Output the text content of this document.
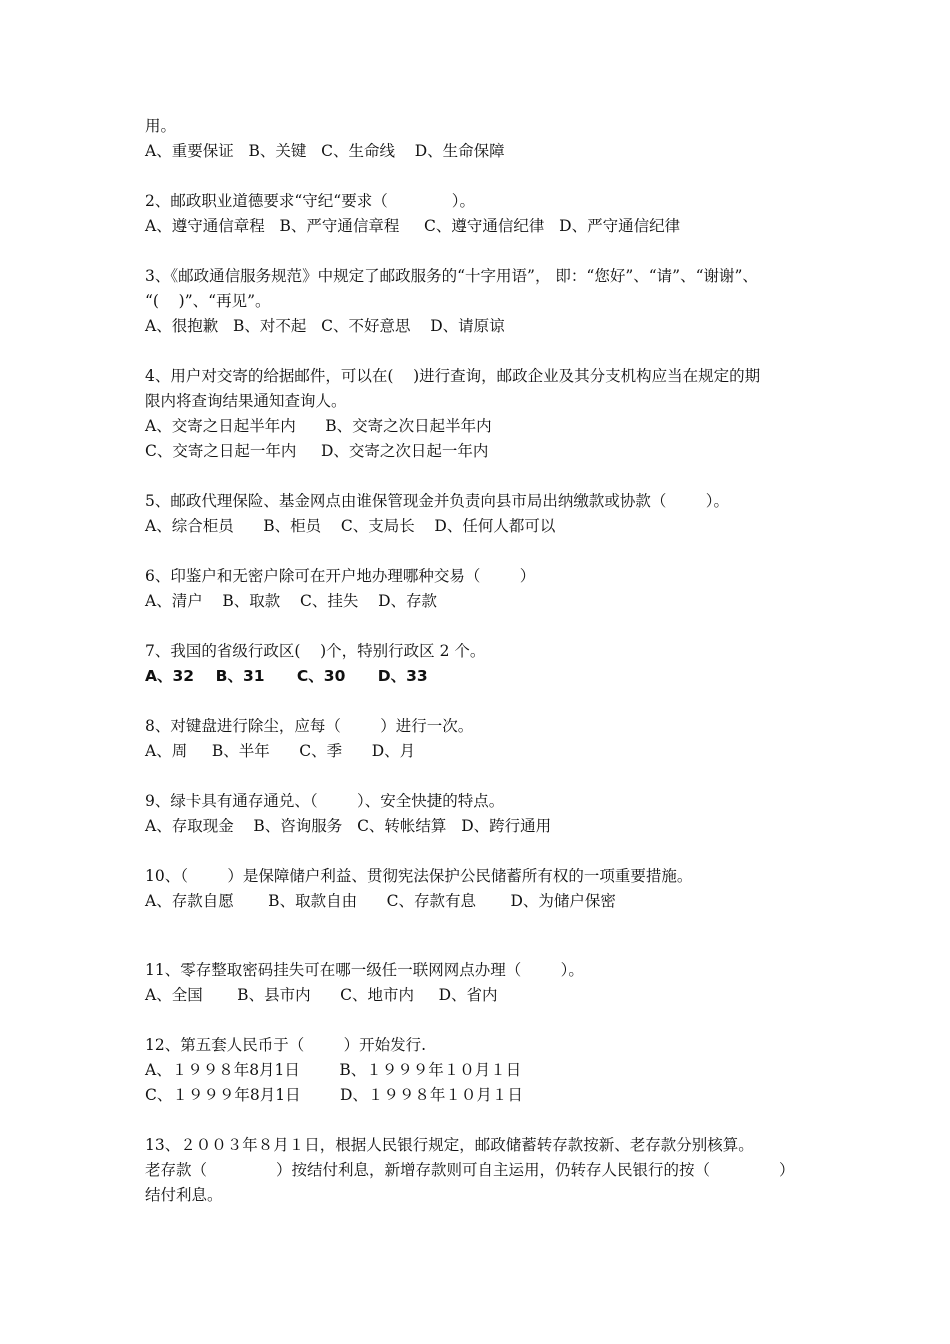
用。
A、重要保证   B、关键   C、生命线    D、生命保障
2、邮政职业道德要求“守纪“要求（             ）。
A、遵守通信章程   B、严守通信章程     C、遵守通信纪律   D、严守通信纪律
3、《邮政通信服务规范》中规定了邮政服务的“十字用语”， 即：“您好”、“请”、“谢谢”、
“(    )”、“再见”。
A、很抱歉   B、对不起   C、不好意思    D、请原谅
4、用户对交寄的给据邮件，可以在(    )进行查询，邮政企业及其分支机构应当在规定的期
限内将查询结果通知查询人。
A、交寄之日起半年内      B、交寄之次日起半年内
C、交寄之日起一年内     D、交寄之次日起一年内
5、邮政代理保险、基金网点由谁保管现金并负责向县市局出纳缴款或协款（        ）。
A、综合柜员      B、柜员    C、支局长    D、任何人都可以
6、印鉴户和无密户除可在开户地办理哪种交易（        ）
A、清户    B、取款    C、挂失    D、存款
7、我国的省级行政区(    )个，特别行政区 2 个。
A、32    B、31      C、30      D、33
8、对键盘进行除尘，应每（        ）进行一次。
A、周     B、半年      C、季      D、月
9、绿卡具有通存通兑、（        ）、安全快捷的特点。
A、存取现金    B、咨询服务   C、转帐结算   D、跨行通用
10、（        ）是保障储户利益、贯彻宪法保护公民储蓄所有权的一项重要措施。
A、存款自愿       B、取款自由      C、存款有息       D、为储户保密
11、零存整取密码挂失可在哪一级任一联网网点办理（        ）。
A、全国       B、县市内      C、地市内     D、省内
12、第五套人民币于（        ）开始发行.
A、１９９８年8月1日        B、１９９９年１０月１日
C、１９９９年8月1日        D、１９９８年１０月１日
13、２００３年８月１日，根据人民银行规定，邮政储蓄转存款按新、老存款分别核算。
老存款（              ）按结付利息，新增存款则可自主运用，仍转存人民银行的按（              ）
结付利息。
